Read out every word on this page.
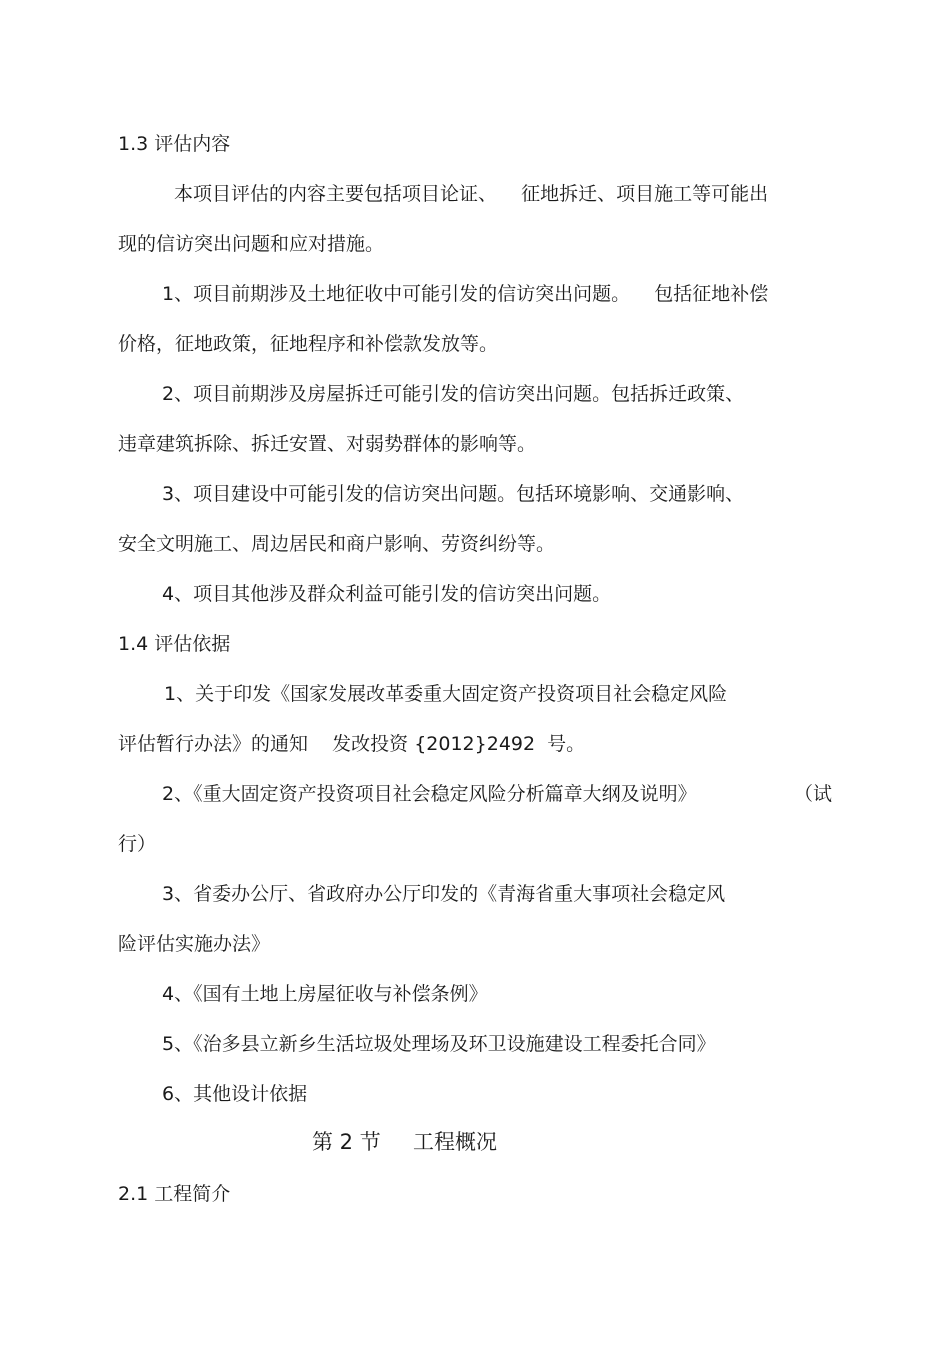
1.3 评估内容
本项目评估的内容主要包括项目论证、    征地拆迁、项目施工等可能出
现的信访突出问题和应对措施。
1、项目前期涉及土地征收中可能引发的信访突出问题。    包括征地补偿
价格，征地政策，征地程序和补偿款发放等。
2、项目前期涉及房屋拆迁可能引发的信访突出问题。包括拆迁政策、
违章建筑拆除、拆迁安置、对弱势群体的影响等。
3、项目建设中可能引发的信访突出问题。包括环境影响、交通影响、
安全文明施工、周边居民和商户影响、劳资纠纷等。
4、项目其他涉及群众利益可能引发的信访突出问题。
1.4 评估依据
1、关于印发《国家发展改革委重大固定资产投资项目社会稳定风险
评估暂行办法》的通知    发改投资 {2012}2492  号。
2、《重大固定资产投资项目社会稳定风险分析篇章大纲及说明》	（试
行）
3、省委办公厅、省政府办公厅印发的《青海省重大事项社会稳定风
险评估实施办法》
4、《国有土地上房屋征收与补偿条例》
5、《治多县立新乡生活垃圾处理场及环卫设施建设工程委托合同》
6、其他设计依据
第 2 节 工程概况
2.1 工程简介
